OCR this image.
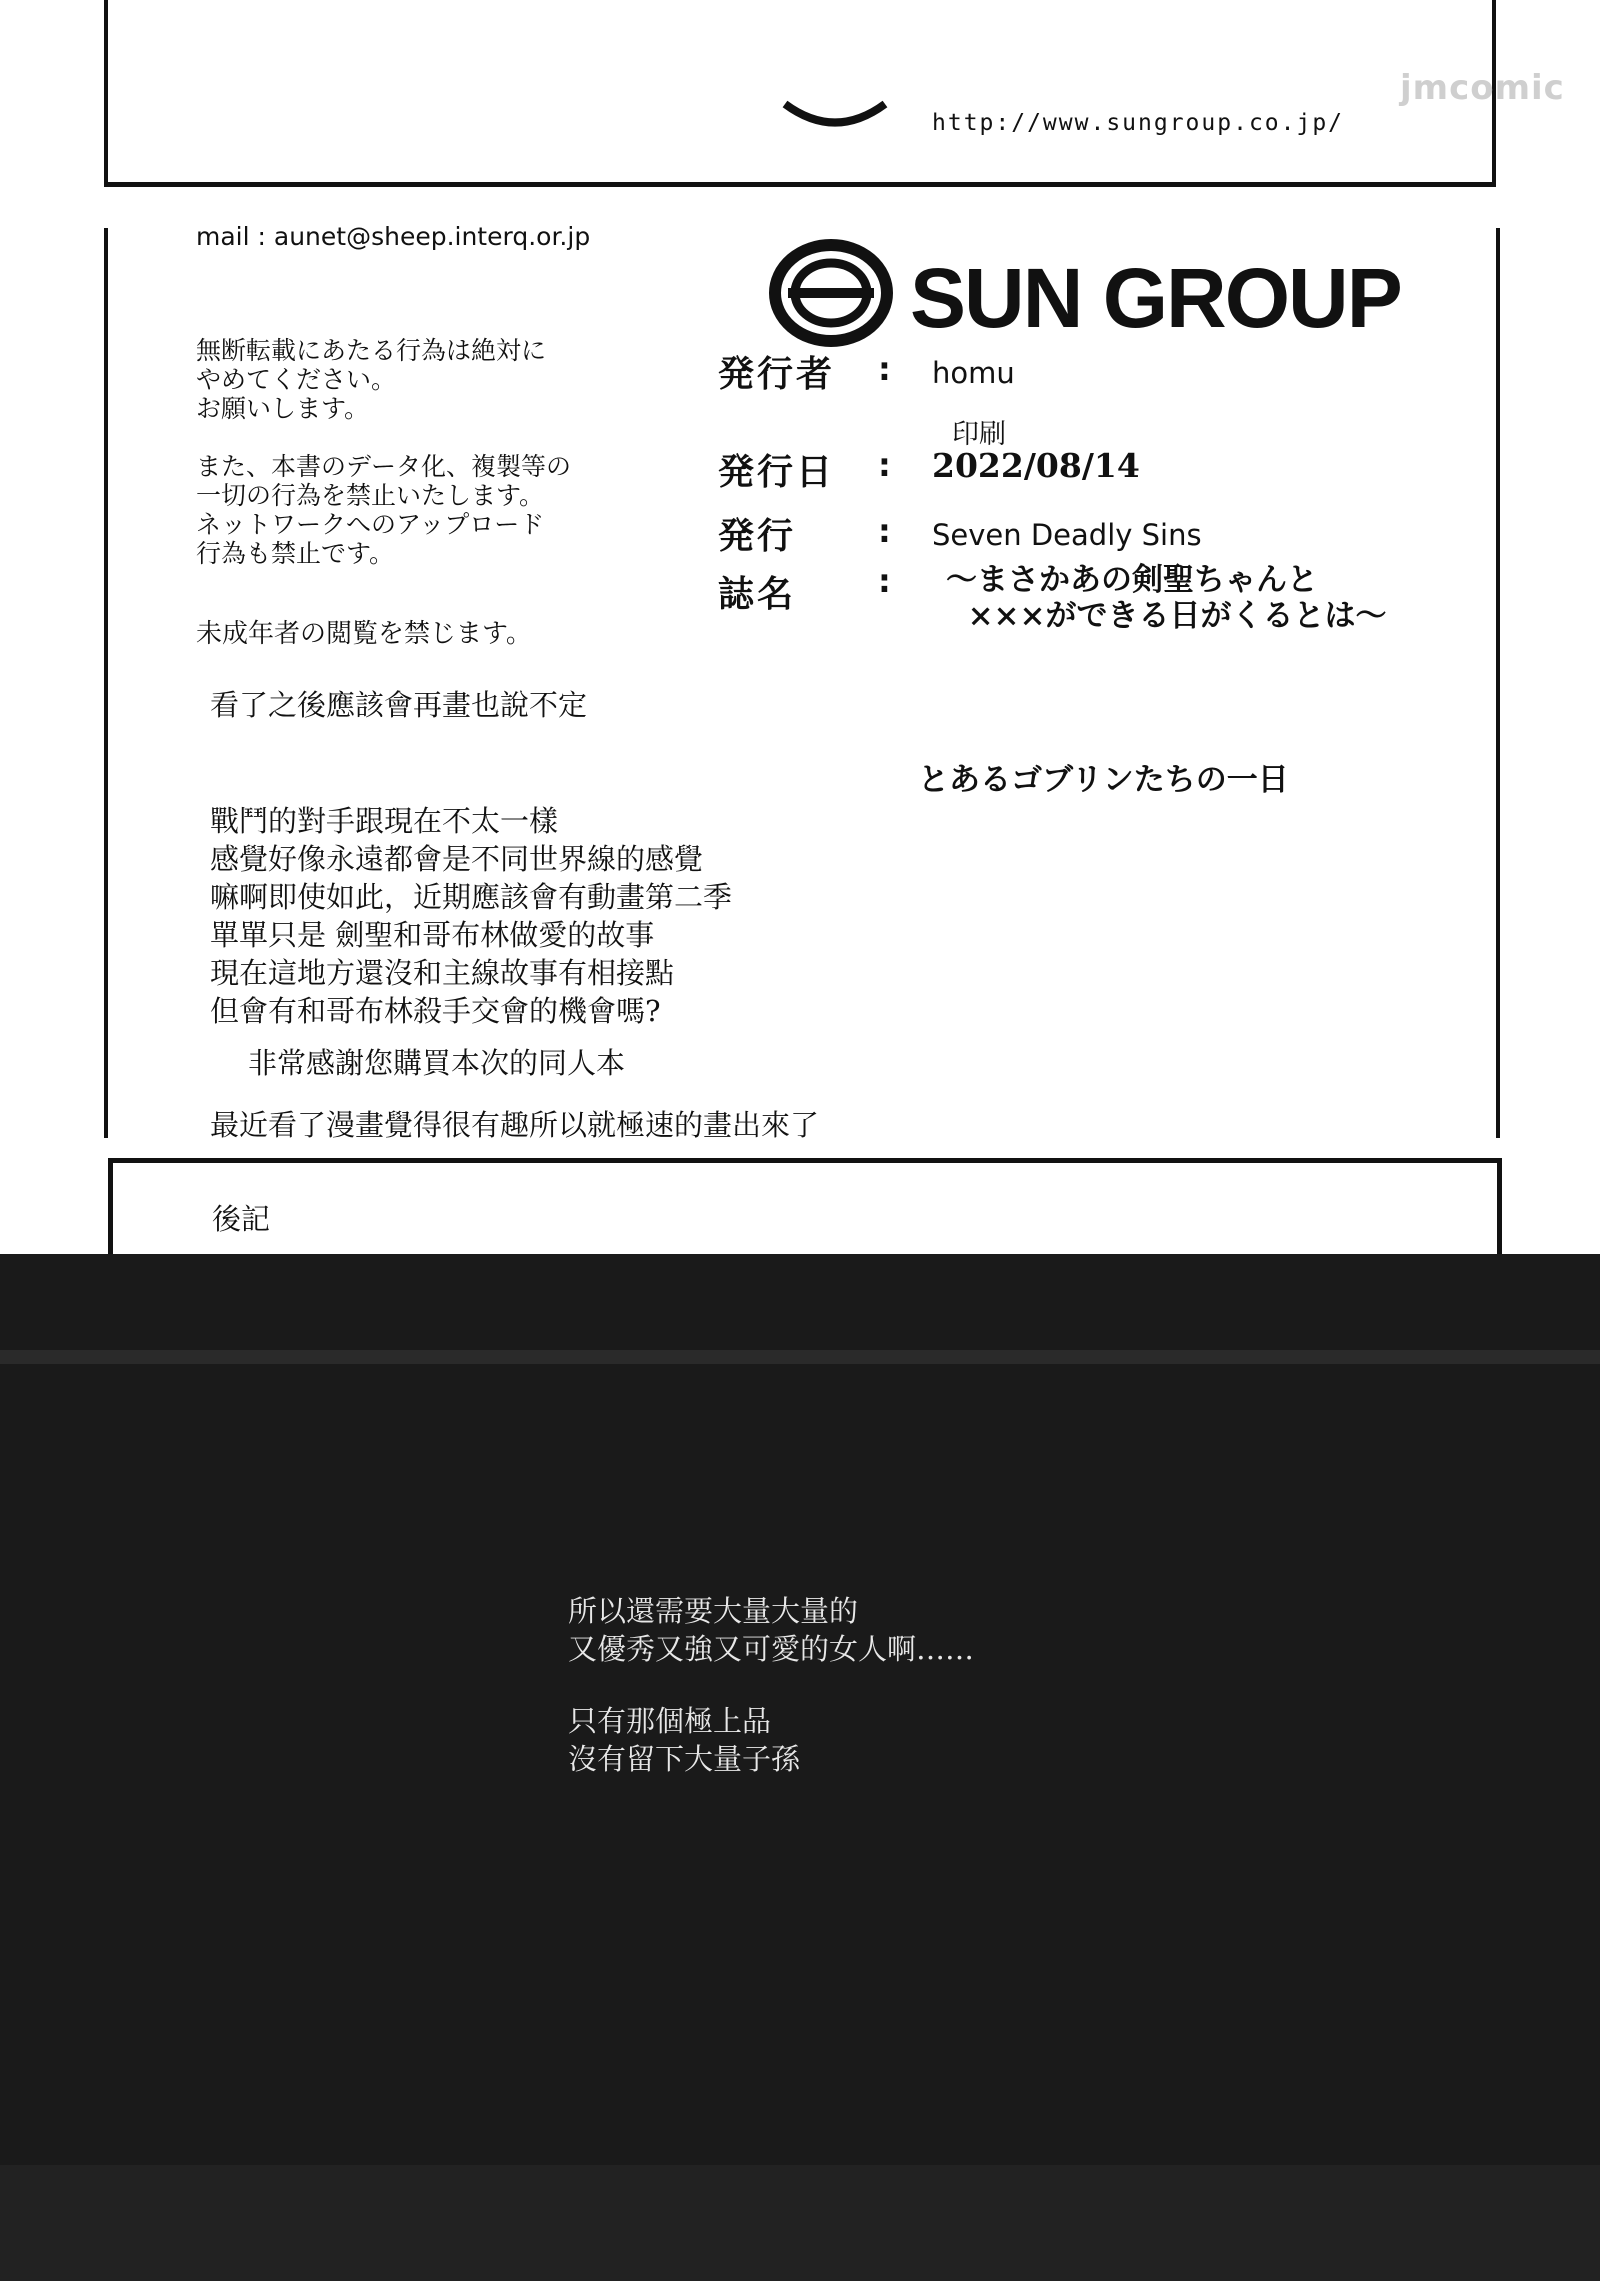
http://www.sungroup.co.jp/
jmcomic
mail : aunet@sheep.interq.or.jp
SUN GROUP
無断転載にあたる行為は絶対に
やめてください。
お願いします。
また、本書のデータ化、複製等の
一切の行為を禁止いたします。
ネットワークへのアップロード
行為も禁止です。
未成年者の閲覧を禁じます。
発行者 : homu
印刷
発行日 : 2022/08/14
発行	: Seven Deadly Sins
誌名	: 〜まさかあの剣聖ちゃんと
×××ができる日がくるとは〜
とあるゴブリンたちの一日
看了之後應該會再畫也說不定
戰鬥的對手跟現在不太一樣
感覺好像永遠都會是不同世界線的感覺
嘛啊即使如此，近期應該會有動畫第二季
單單只是 劍聖和哥布林做愛的故事
現在這地方還沒和主線故事有相接點
但會有和哥布林殺手交會的機會嗎?
非常感謝您購買本次的同人本
最近看了漫畫覺得很有趣所以就極速的畫出來了
後記
所以還需要大量大量的
又優秀又強又可愛的女人啊……
只有那個極上品
沒有留下大量子孫
